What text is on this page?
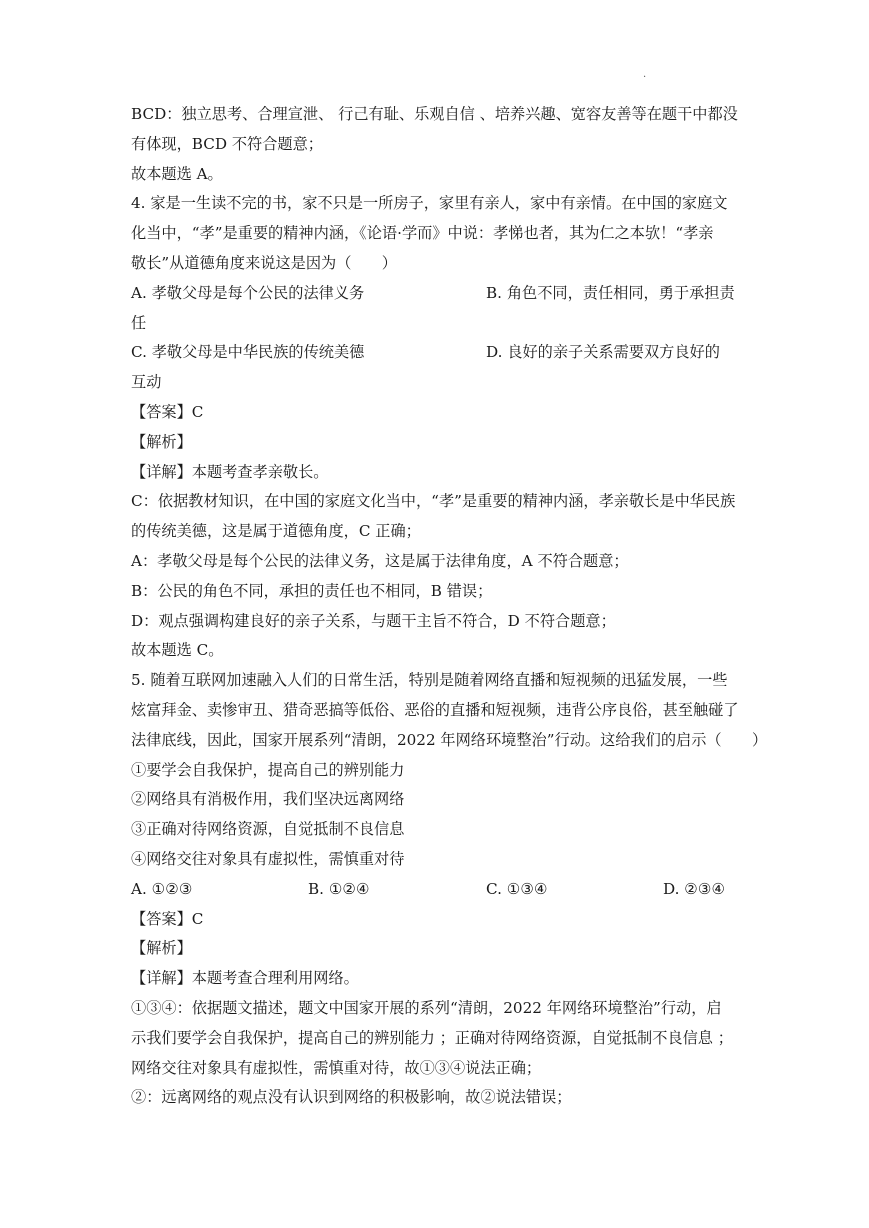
.
BCD：独立思考、合理宣泄、 行己有耻、乐观自信 、培养兴趣、宽容友善等在题干中都没
有体现，BCD 不符合题意；
故本题选 A。
4. 家是一生读不完的书，家不只是一所房子，家里有亲人，家中有亲情。在中国的家庭文
化当中，“孝”是重要的精神内涵，《论语·学而》中说：孝悌也者，其为仁之本欤！“孝亲
敬长”从道德角度来说这是因为（　　）
A. 孝敬父母是每个公民的法律义务	B. 角色不同，责任相同，勇于承担责
任
C. 孝敬父母是中华民族的传统美德	D. 良好的亲子关系需要双方良好的
互动
【答案】C
【解析】
【详解】本题考查孝亲敬长。
C：依据教材知识，在中国的家庭文化当中，“孝”是重要的精神内涵，孝亲敬长是中华民族
的传统美德，这是属于道德角度，C 正确；
A：孝敬父母是每个公民的法律义务，这是属于法律角度，A 不符合题意；
B：公民的角色不同，承担的责任也不相同，B 错误；
D：观点强调构建良好的亲子关系，与题干主旨不符合，D 不符合题意；
故本题选 C。
5. 随着互联网加速融入人们的日常生活，特别是随着网络直播和短视频的迅猛发展，一些
炫富拜金、卖惨审丑、猎奇恶搞等低俗、恶俗的直播和短视频，违背公序良俗，甚至触碰了
法律底线，因此，国家开展系列“清朗，2022 年网络环境整治”行动。这给我们的启示（　　）
①要学会自我保护，提高自己的辨别能力
②网络具有消极作用，我们坚决远离网络
③正确对待网络资源，自觉抵制不良信息
④网络交往对象具有虚拟性，需慎重对待
A. ①②③	B. ①②④	C. ①③④	D. ②③④
【答案】C
【解析】
【详解】本题考查合理利用网络。
①③④：依据题文描述，题文中国家开展的系列“清朗，2022 年网络环境整治”行动，启
示我们要学会自我保护，提高自己的辨别能力 ；正确对待网络资源，自觉抵制不良信息 ；
网络交往对象具有虚拟性，需慎重对待，故①③④说法正确；
②：远离网络的观点没有认识到网络的积极影响，故②说法错误；
